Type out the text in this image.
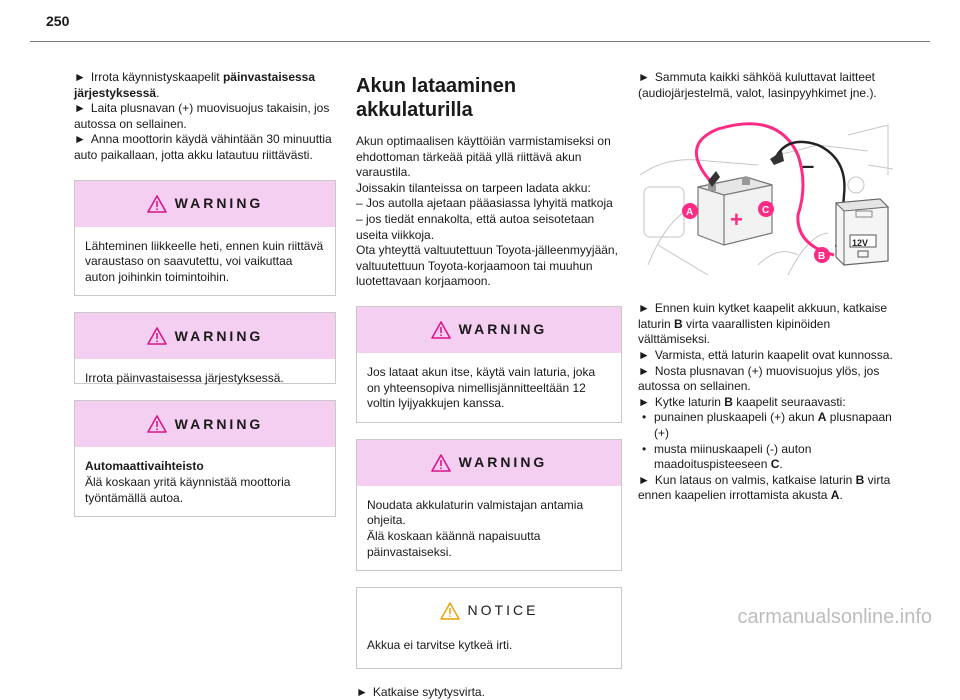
250

► Irrota käynnistyskaapelit päinvastaisessa järjestyksessä.

► Laita plusnavan (+) muovisuojus takaisin, jos autossa on sellainen.

► Anna moottorin käydä vähintään 30 minuuttia auto paikallaan, jotta akku latautuu riittävästi.

WARNING
Lähteminen liikkeelle heti, ennen kuin riittävä varaustaso on saavutettu, voi vaikuttaa auton joihinkin toimintoihin.
WARNING
Irrota päinvastaisessa järjestyksessä.
WARNING
Automaattivaihteisto
Älä koskaan yritä käynnistää moottoria työntämällä autoa.
Akun lataaminen
akkulaturilla

Akun optimaalisen käyttöiän varmistamiseksi on ehdottoman tärkeää pitää yllä riittävä akun varaustila.

Joissakin tilanteissa on tarpeen ladata akku:

– Jos autolla ajetaan pääasiassa lyhyitä matkoja

– jos tiedät ennakolta, että autoa seisotetaan useita viikkoja.

Ota yhteyttä valtuutettuun Toyota-jälleenmyyjään, valtuutettuun Toyota-korjaamoon tai muuhun luotettavaan korjaamoon.

WARNING
Jos lataat akun itse, käytä vain laturia, joka on yhteensopiva nimellisjännitteeltään 12 voltin lyijyakkujen kanssa.
WARNING
Noudata akkulaturin valmistajan antamia ohjeita.
Älä koskaan käännä napaisuutta päinvastaiseksi.
NOTICE
Akkua ei tarvitse kytkeä irti.

► Katkaise sytytysvirta.

► Sammuta kaikki sähköä kuluttavat laitteet (audiojärjestelmä, valot, lasinpyyhkimet jne.).

+
–
12V
A	C
B

► Ennen kuin kytket kaapelit akkuun, katkaise laturin B virta vaarallisten kipinöiden välttämiseksi.

► Varmista, että laturin kaapelit ovat kunnossa.

► Nosta plusnavan (+) muovisuojus ylös, jos autossa on sellainen.

► Kytke laturin B kaapelit seuraavasti:

• punainen pluskaapeli (+) akun A plusnapaan (+)
• musta miinuskaapeli (-) auton maadoituspisteeseen C.

► Kun lataus on valmis, katkaise laturin B virta ennen kaapelien irrottamista akusta A.

carmanualsonline.info
